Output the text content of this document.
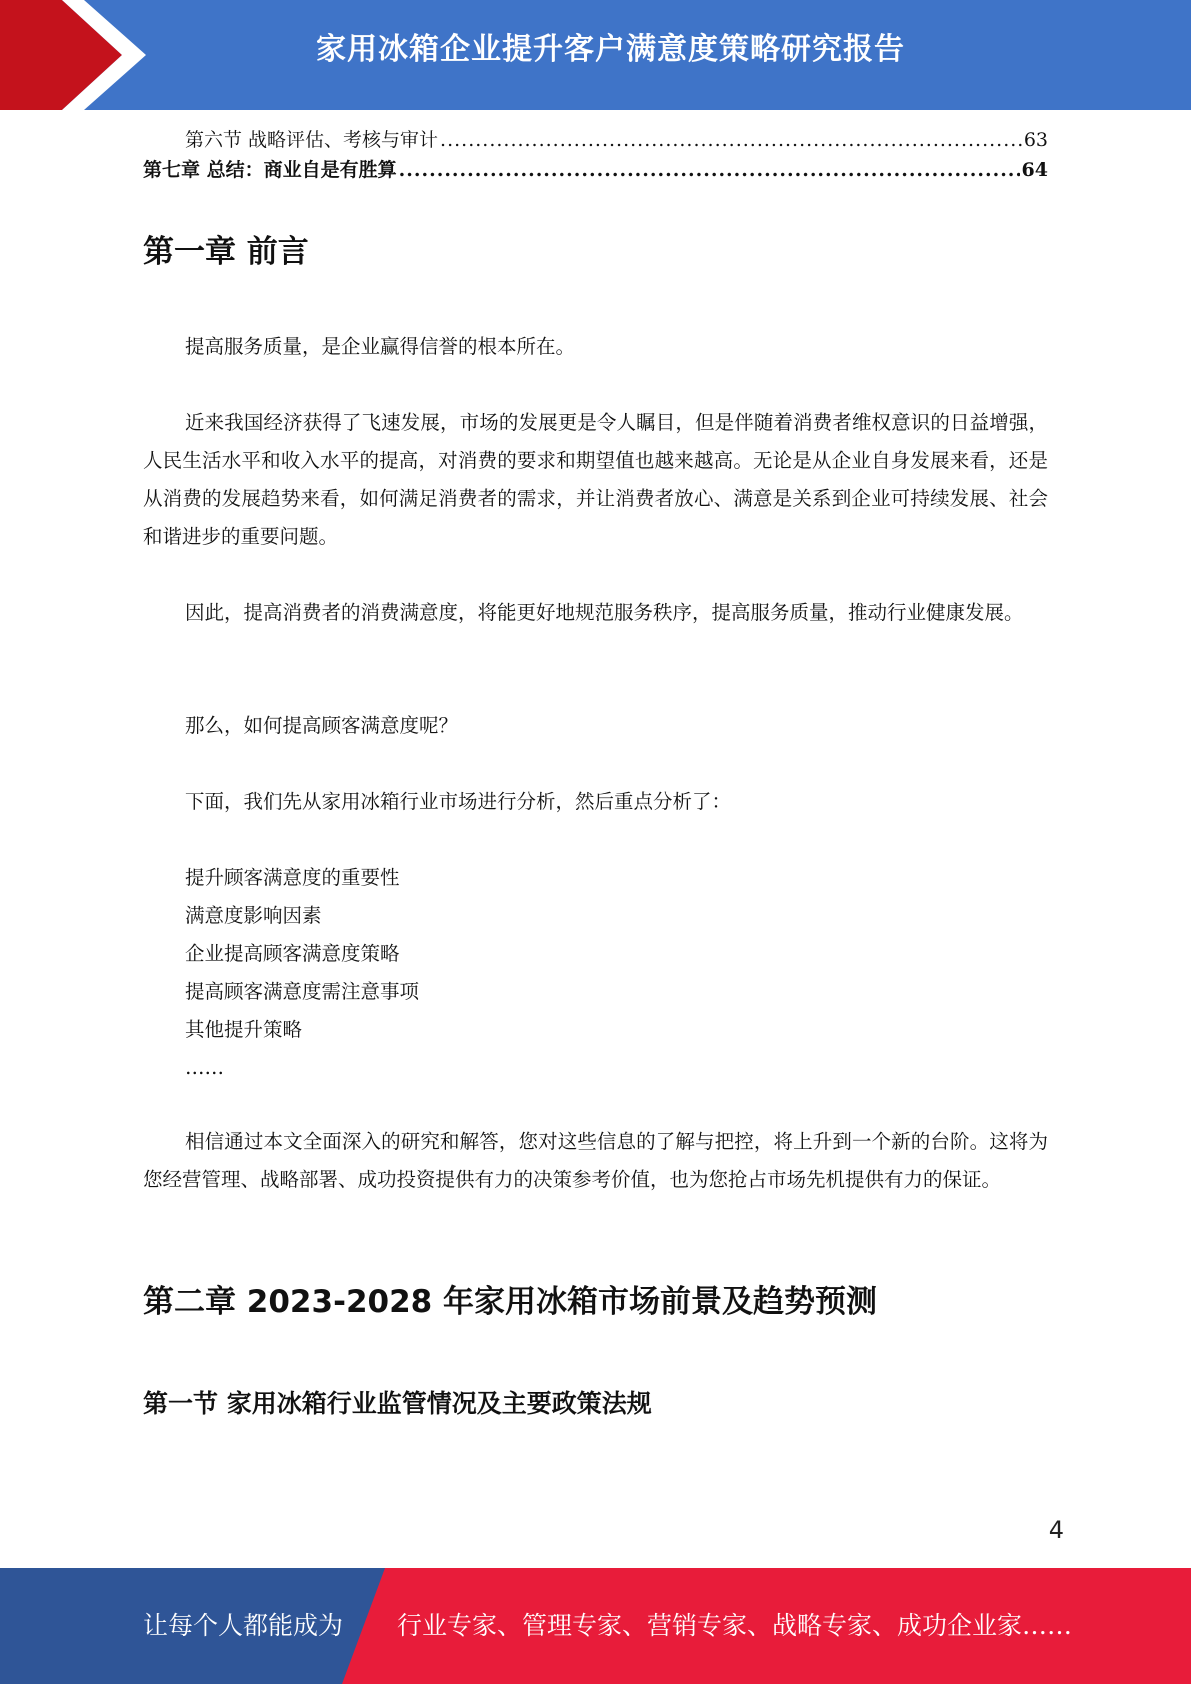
家用冰箱企业提升客户满意度策略研究报告
第六节 战略评估、考核与审计 .....	63
第七章 总结：商业自是有胜算 .....	64
第一章 前言

提高服务质量，是企业赢得信誉的根本所在。

近来我国经济获得了飞速发展，市场的发展更是令人瞩目，但是伴随着消费者维权意识的日益增强，人民生活水平和收入水平的提高，对消费的要求和期望值也越来越高。无论是从企业自身发展来看，还是从消费的发展趋势来看，如何满足消费者的需求，并让消费者放心、满意是关系到企业可持续发展、社会和谐进步的重要问题。

因此，提高消费者的消费满意度，将能更好地规范服务秩序，提高服务质量，推动行业健康发展。

那么，如何提高顾客满意度呢？

下面，我们先从家用冰箱行业市场进行分析，然后重点分析了：

提升顾客满意度的重要性
满意度影响因素
企业提高顾客满意度策略
提高顾客满意度需注意事项
其他提升策略
……

相信通过本文全面深入的研究和解答，您对这些信息的了解与把控，将上升到一个新的台阶。这将为您经营管理、战略部署、成功投资提供有力的决策参考价值，也为您抢占市场先机提供有力的保证。

第二章 2023-2028 年家用冰箱市场前景及趋势预测
第一节 家用冰箱行业监管情况及主要政策法规
4
让每个人都能成为 行业专家、管理专家、营销专家、战略专家、成功企业家……
